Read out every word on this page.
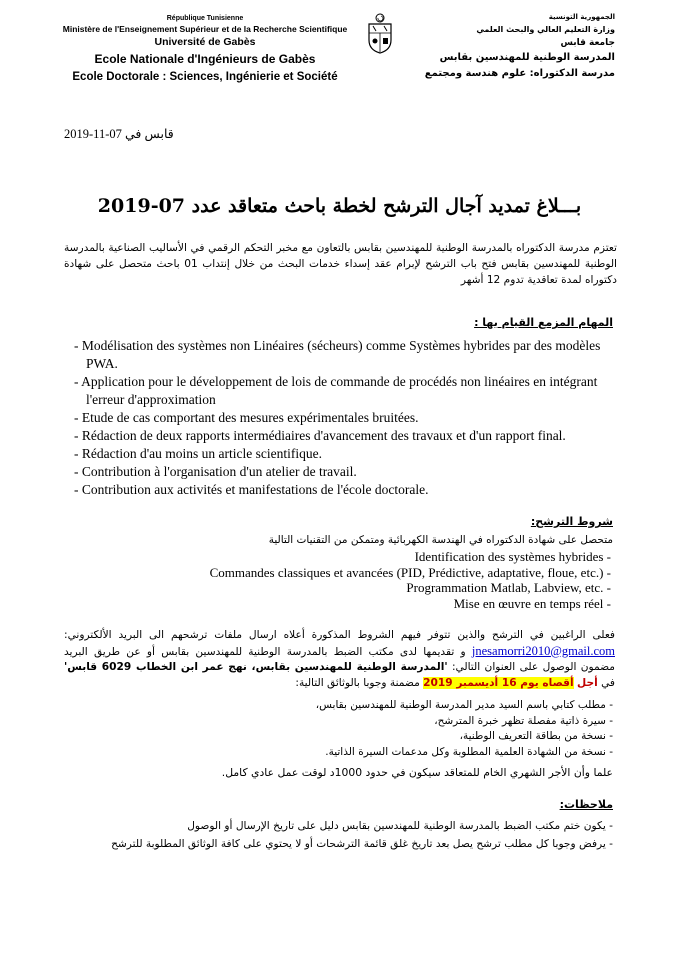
République Tunisienne
Ministère de l'Enseignement Supérieur et de la Recherche Scientifique
Université de Gabès
Ecole Nationale d'Ingénieurs de Gabès
Ecole Doctorale : Sciences, Ingénierie et Société
الجمهورية التونسية
وزارة التعليم العالي والبحث العلمي
جامعة قابس
المدرسة الوطنية للمهندسين بقابس
مدرسة الدكتوراه: علوم هندسة ومجتمع
قابس في 07-11-2019
بـــلاغ تمديد آجال الترشح لخطة باحث متعاقد عدد 07-2019
تعتزم مدرسة الدكتوراه بالمدرسة الوطنية للمهندسين بقابس بالتعاون مع مخبر التحكم الرقمي في الأساليب الصناعية بالمدرسة الوطنية للمهندسين بقابس فتح باب الترشح لإبرام عقد إسداء خدمات البحث من خلال إنتداب 01 باحث متحصل على شهادة دكتوراه لمدة تعاقدية تدوم 12 أشهر
المهام المزمع القيام بها :
- Modélisation des systèmes non Linéaires (sécheurs) comme Systèmes hybrides par des modèles PWA.
- Application pour le développement de lois de commande de procédés non linéaires en intégrant l'erreur d'approximation
- Etude de cas comportant des mesures expérimentales bruitées.
- Rédaction de deux rapports intermédiaires d'avancement des travaux et d'un rapport final.
- Rédaction d'au moins un article scientifique.
- Contribution à l'organisation d'un atelier de travail.
- Contribution aux activités et manifestations de l'école doctorale.
شروط الترشح:
متحصل على شهادة الدكتوراه في الهندسة الكهربائية ومتمكن من التقنيات التالية
Identification des systèmes hybrides -
Commandes classiques et avancées (PID, Prédictive, adaptative, floue, etc.) -
Programmation Matlab, Labview, etc. -
Mise en œuvre en temps réel -
فعلى الراغبين في الترشح والذين تتوفر فيهم الشروط المذكورة أعلاه ارسال ملفات ترشحهم الى البريد الألكتروني: jnesamorri2010@gmail.com و تقديمها لدى مكتب الضبط بالمدرسة الوطنية للمهندسين بقابس أو عن طريق البريد مضمون الوصول على العنوان التالي: 'المدرسة الوطنية للمهندسين بقابس، نهج عمر ابن الخطاب 6029 قابس' في أجل أقصاه يوم 16 أديسمبر 2019 مضمنة وجوبا بالوثائق التالية:
- مطلب كتابي باسم السيد مدير المدرسة الوطنية للمهندسين بقابس،
- سيرة ذاتية مفصلة تظهر خبرة المترشح،
- نسخة من بطاقة التعريف الوطنية،
- نسخة من الشهادة العلمية المطلوبة وكل مدعمات السيرة الذاتية.
علما وأن الأجر الشهري الخام للمتعاقد سيكون في حدود 1000د لوقت عمل عادي كامل.
ملاحظات:
- يكون ختم مكتب الضبط بالمدرسة الوطنية للمهندسين بقابس دليل على تاريخ الإرسال أو الوصول
- يرفض وجوبا كل مطلب ترشح يصل بعد تاريخ غلق قائمة الترشحات أو لا يحتوي على كافة الوثائق المطلوبة للترشح
